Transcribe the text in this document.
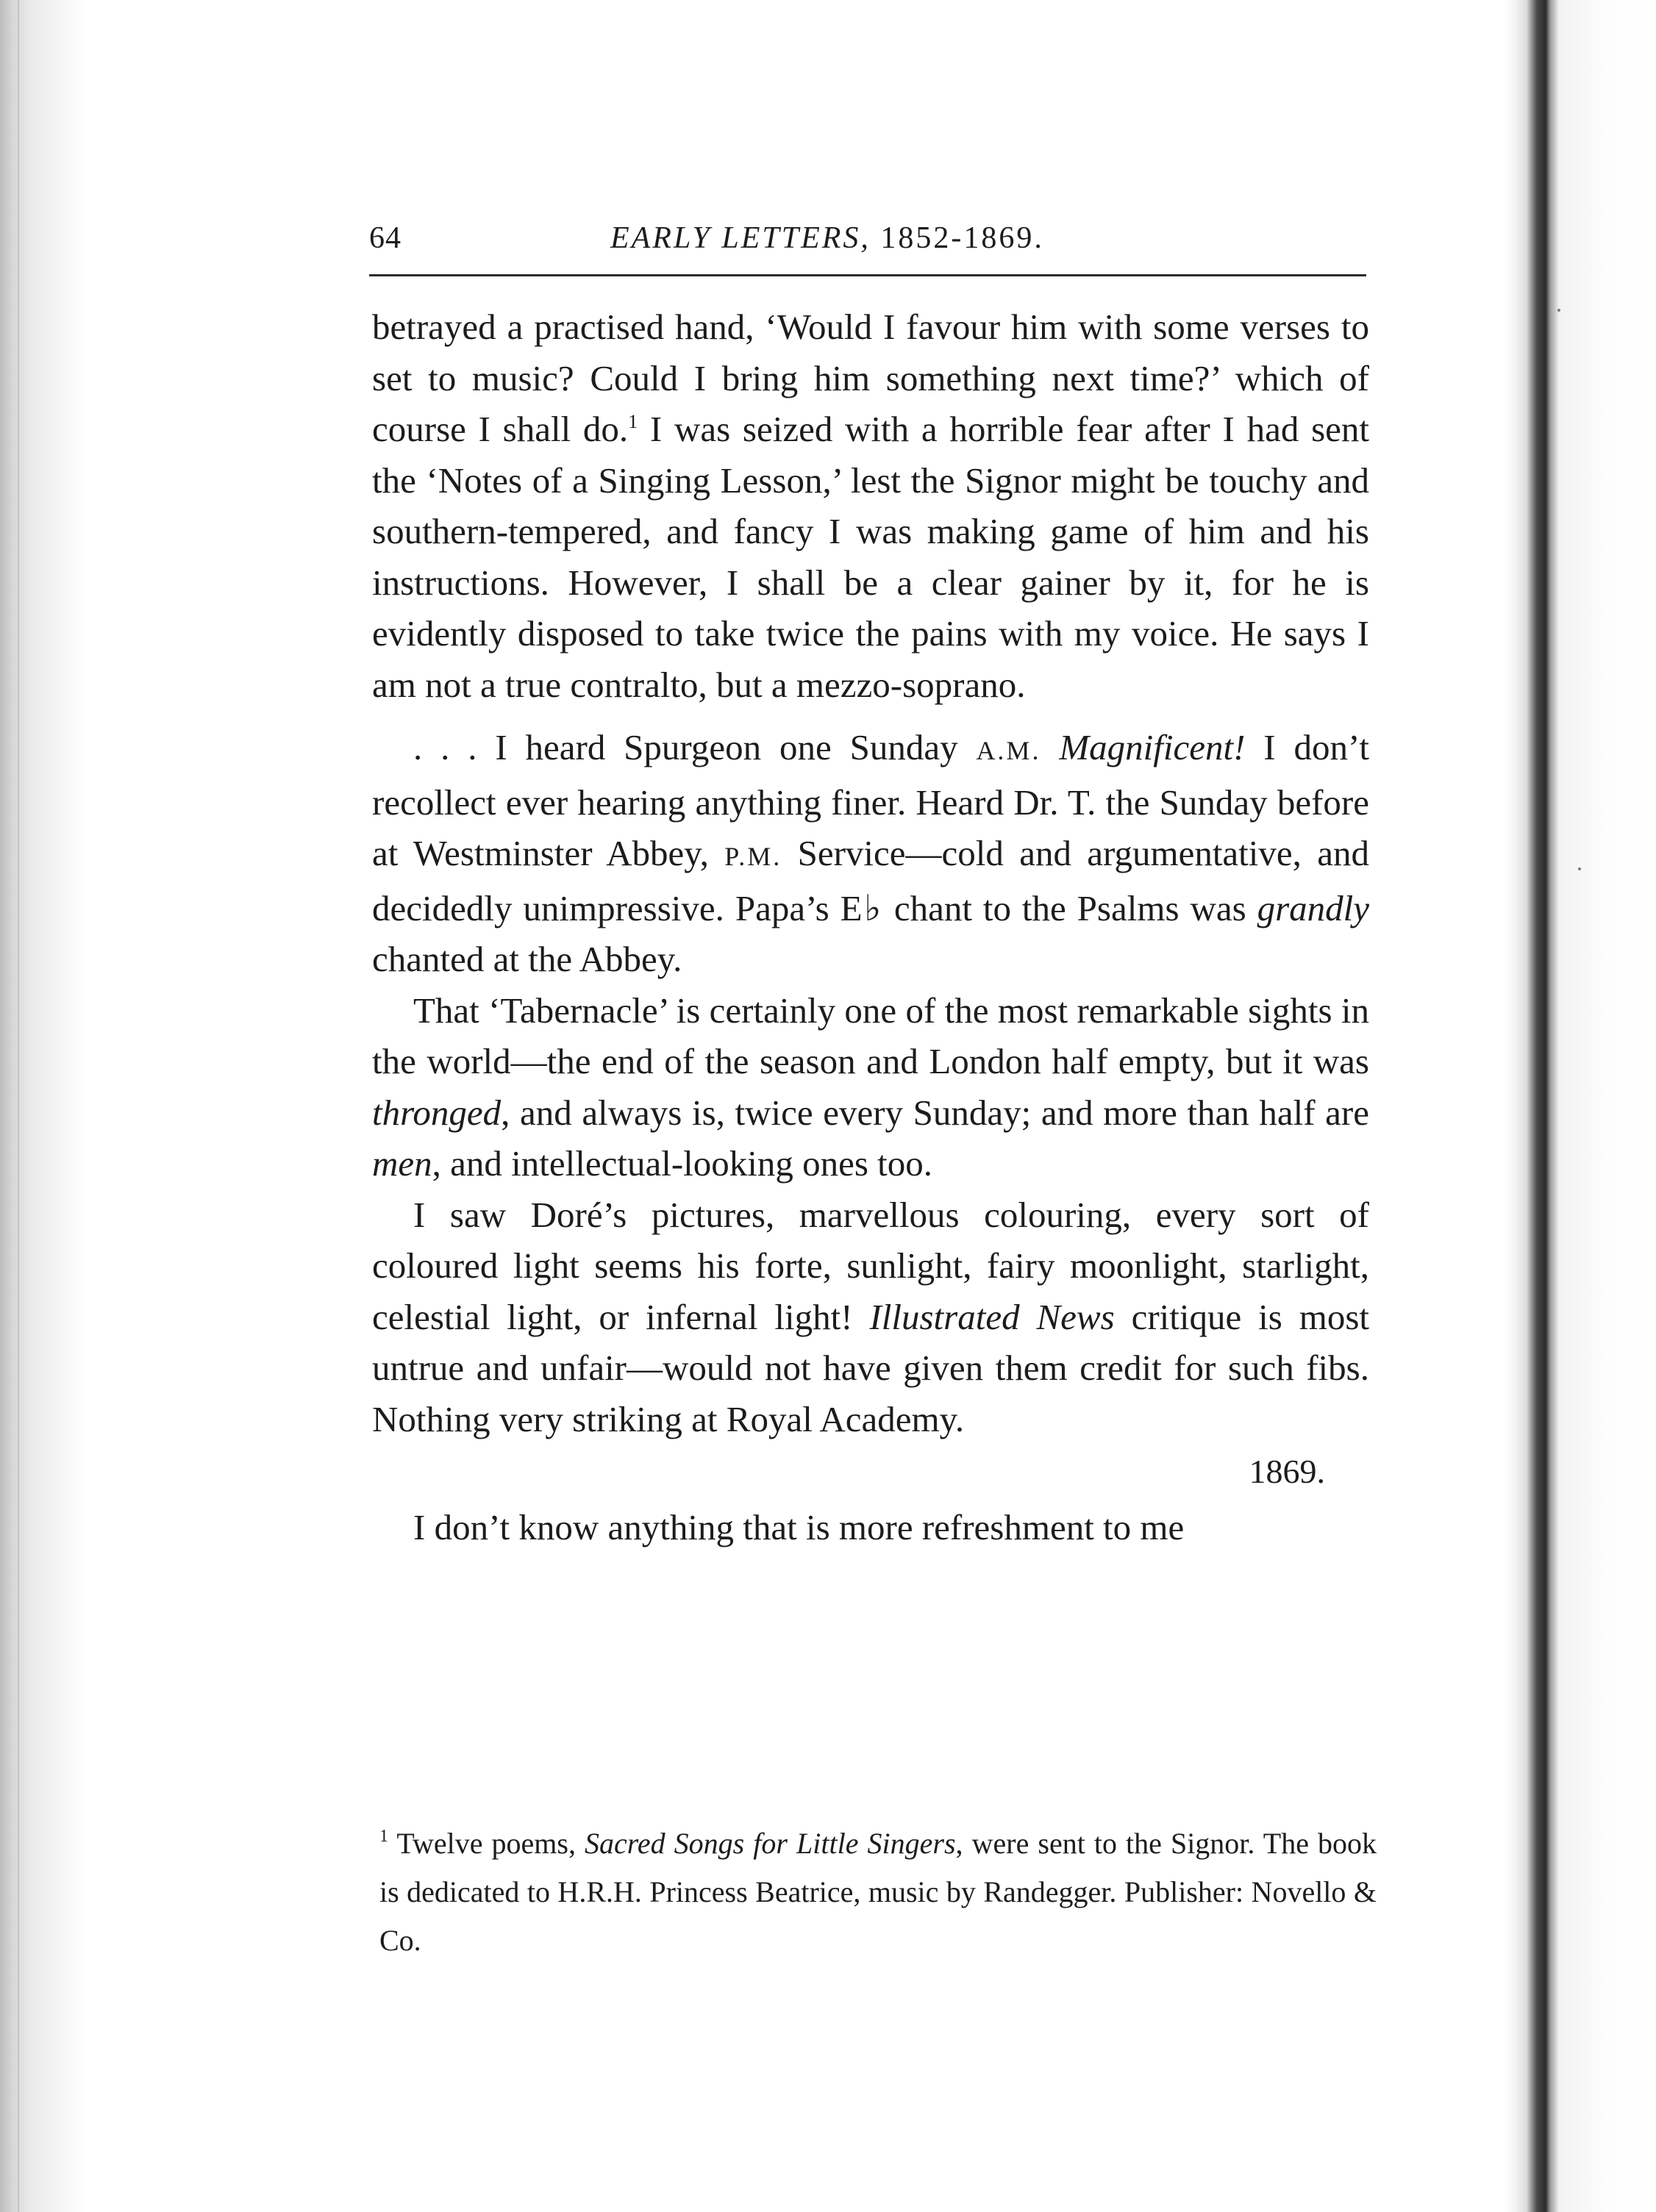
64	EARLY LETTERS, 1852-1869.

betrayed a practised hand, ‘Would I favour him with some verses to set to music? Could I bring him something next time?’ which of course I shall do.$^1$ I was seized with a horrible fear after I had sent the ‘Notes of a Singing Lesson,’ lest the Signor might be touchy and southern-tempered, and fancy I was making game of him and his instructions. However, I shall be a clear gainer by it, for he is evidently disposed to take twice the pains with my voice. He says I am not a true contralto, but a mezzo-soprano.

. . . I heard Spurgeon one Sunday A.M. Magnificent! I don’t recollect ever hearing anything finer. Heard Dr. T. the Sunday before at Westminster Abbey, P.M. Service—cold and argumentative, and decidedly unimpressive. Papa’s E♭ chant to the Psalms was grandly chanted at the Abbey.

That ‘Tabernacle’ is certainly one of the most remarkable sights in the world—the end of the season and London half empty, but it was thronged, and always is, twice every Sunday; and more than half are men, and intellectual-looking ones too.

I saw Doré’s pictures, marvellous colouring, every sort of coloured light seems his forte, sunlight, fairy moonlight, starlight, celestial light, or infernal light! Illustrated News critique is most untrue and unfair—would not have given them credit for such fibs. Nothing very striking at Royal Academy.

1869.

I don’t know anything that is more refreshment to me

$^1$ Twelve poems, Sacred Songs for Little Singers, were sent to the Signor. The book is dedicated to H.R.H. Princess Beatrice, music by Randegger. Publisher: Novello & Co.
